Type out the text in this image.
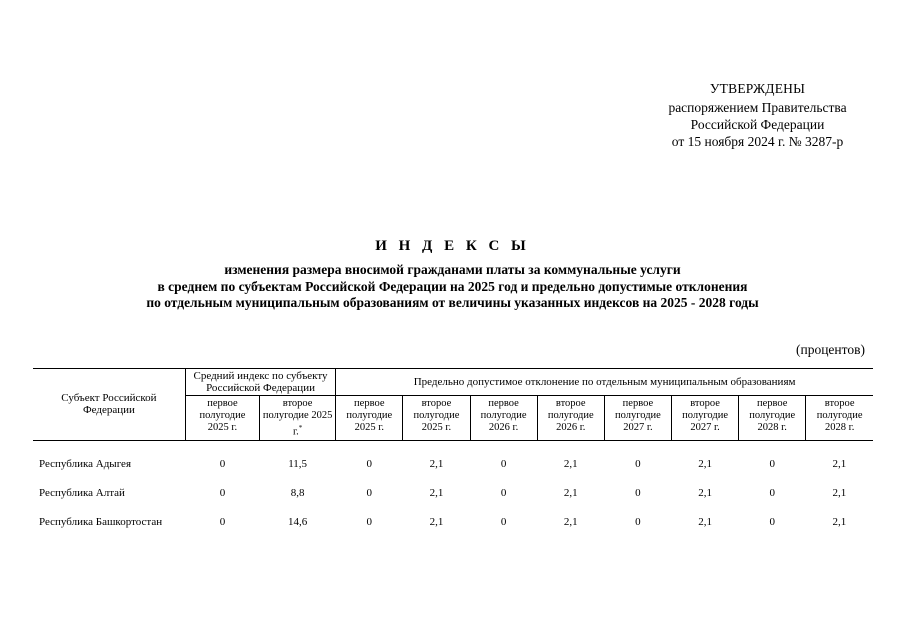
УТВЕРЖДЕНЫ
распоряжением Правительства
Российской Федерации
от 15 ноября 2024 г. № 3287-р
И Н Д Е К С Ы
изменения размера вносимой гражданами платы за коммунальные услуги
в среднем по субъектам Российской Федерации на 2025 год и предельно допустимые отклонения
по отдельным муниципальным образованиям от величины указанных индексов на 2025 - 2028 годы
(процентов)
Субъект Российской Федерации	Средний индекс по субъекту Российской Федерации		Предельно допустимое отклонение по отдельным муниципальным образованиям							
	первое полугодие 2025 г.	второе полугодие 2025 г.*	первое полугодие 2025 г.	второе полугодие 2025 г.	первое полугодие 2026 г.	второе полугодие 2026 г.	первое полугодие 2027 г.	второе полугодие 2027 г.	первое полугодие 2028 г.	второе полугодие 2028 г.
Республика Адыгея	0	11,5	0	2,1	0	2,1	0	2,1	0	2,1
Республика Алтай	0	8,8	0	2,1	0	2,1	0	2,1	0	2,1
Республика Башкортостан	0	14,6	0	2,1	0	2,1	0	2,1	0	2,1
